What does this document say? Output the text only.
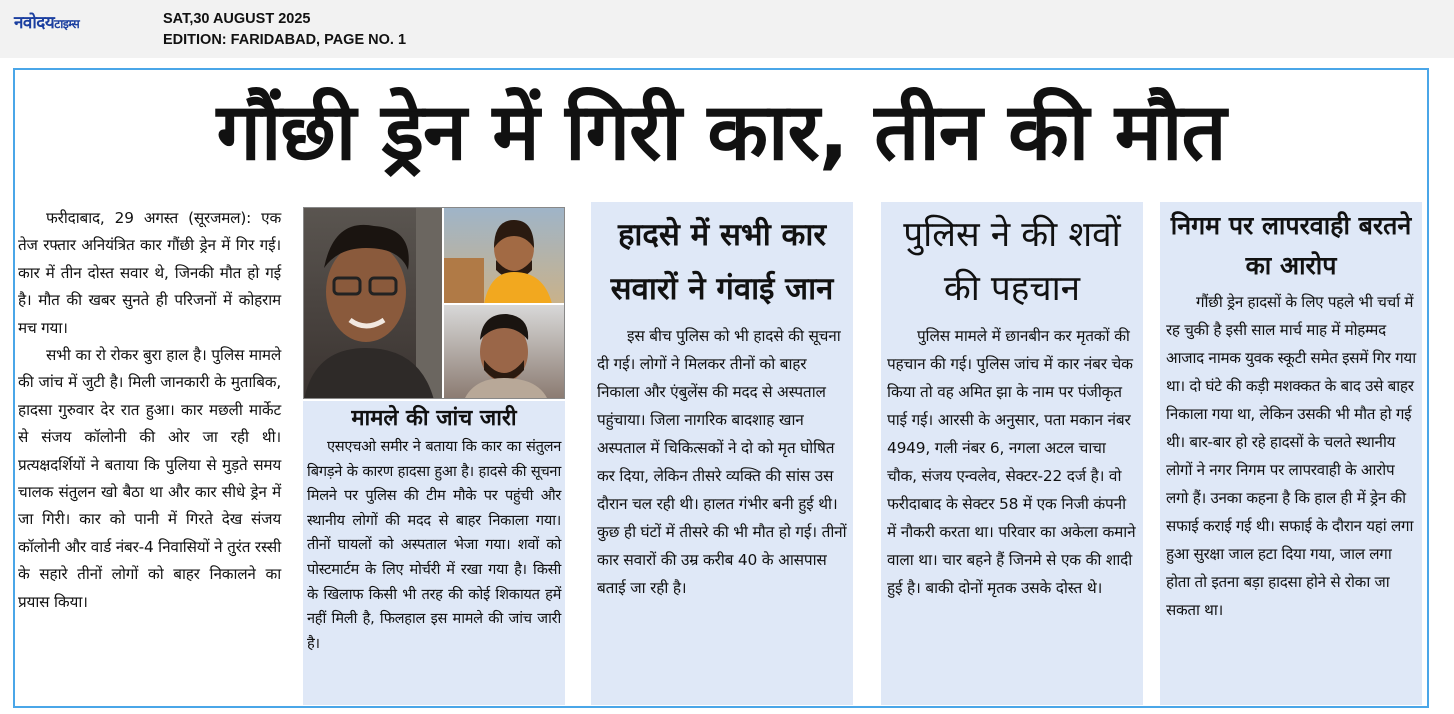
नवोदयटाइम्स	SAT,30 AUGUST 2025
EDITION: FARIDABAD, PAGE NO. 1
गौंछी ड्रेन में गिरी कार, तीन की मौत

फरीदाबाद, 29 अगस्त (सूरजमल): एक तेज रफ्तार अनियंत्रित कार गौंछी ड्रेन में गिर गई। कार में तीन दोस्त सवार थे, जिनकी मौत हो गई है। मौत की खबर सुनते ही परिजनों में कोहराम मच गया।

सभी का रो रोकर बुरा हाल है। पुलिस मामले की जांच में जुटी है। मिली जानकारी के मुताबिक, हादसा गुरुवार देर रात हुआ। कार मछली मार्केट से संजय कॉलोनी की ओर जा रही थी। प्रत्यक्षदर्शियों ने बताया कि पुलिया से मुड़ते समय चालक संतुलन खो बैठा था और कार सीधे ड्रेन में जा गिरी। कार को पानी में गिरते देख संजय कॉलोनी और वार्ड नंबर-4 निवासियों ने तुरंत रस्सी के सहारे तीनों लोगों को बाहर निकालने का प्रयास किया।

मामले की जांच जारी

एसएचओ समीर ने बताया कि कार का संतुलन बिगड़ने के कारण हादसा हुआ है। हादसे की सूचना मिलने पर पुलिस की टीम मौके पर पहुंची और स्थानीय लोगों की मदद से बाहर निकाला गया। तीनों घायलों को अस्पताल भेजा गया। शवों को पोस्टमार्टम के लिए मोर्चरी में रखा गया है। किसी के खिलाफ किसी भी तरह की कोई शिकायत हमें नहीं मिली है, फिलहाल इस मामले की जांच जारी है।

हादसे में सभी कार सवारों ने गंवाई जान

इस बीच पुलिस को भी हादसे की सूचना दी गई। लोगों ने मिलकर तीनों को बाहर निकाला और एंबुलेंस की मदद से अस्पताल पहुंचाया। जिला नागरिक बादशाह खान अस्पताल में चिकित्सकों ने दो को मृत घोषित कर दिया, लेकिन तीसरे व्यक्ति की सांस उस दौरान चल रही थी। हालत गंभीर बनी हुई थी। कुछ ही घंटों में तीसरे की भी मौत हो गई। तीनों कार सवारों की उम्र करीब 40 के आसपास बताई जा रही है।

पुलिस ने की शवों की पहचान

पुलिस मामले में छानबीन कर मृतकों की पहचान की गई। पुलिस जांच में कार नंबर चेक किया तो वह अमित झा के नाम पर पंजीकृत पाई गई। आरसी के अनुसार, पता मकान नंबर 4949, गली नंबर 6, नगला अटल चाचा चौक, संजय एन्वलेव, सेक्टर-22 दर्ज है। वो फरीदाबाद के सेक्टर 58 में एक निजी कंपनी में नौकरी करता था। परिवार का अकेला कमाने वाला था। चार बहने हैं जिनमे से एक की शादी हुई है। बाकी दोनों मृतक उसके दोस्त थे।

निगम पर लापरवाही बरतने का आरोप

गौंछी ड्रेन हादसों के लिए पहले भी चर्चा में रह चुकी है इसी साल मार्च माह में मोहम्मद आजाद नामक युवक स्कूटी समेत इसमें गिर गया था। दो घंटे की कड़ी मशक्कत के बाद उसे बाहर निकाला गया था, लेकिन उसकी भी मौत हो गई थी। बार-बार हो रहे हादसों के चलते स्थानीय लोगों ने नगर निगम पर लापरवाही के आरोप लगो हैं। उनका कहना है कि हाल ही में ड्रेन की सफाई कराई गई थी। सफाई के दौरान यहां लगा हुआ सुरक्षा जाल हटा दिया गया, जाल लगा होता तो इतना बड़ा हादसा होने से रोका जा सकता था।
